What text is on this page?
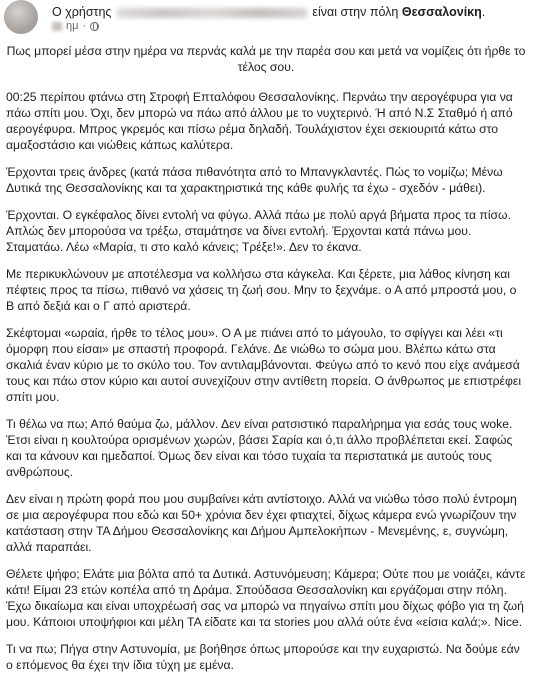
Ο χρήστης	είναι στην πόλη Θεσσαλονίκη.
ημ ·

Πως μπορεί μέσα στην ημέρα να περνάς καλά με την παρέα σου και μετά να νομίζεις ότι ήρθε το τέλος σου.

00:25 περίπου φτάνω στη Στροφή Επταλόφου Θεσσαλονίκης. Περνάω την αερογέφυρα για να πάω σπίτι μου. Όχι, δεν μπορώ να πάω από άλλου με το νυχτερινό. Ή από Ν.Σ Σταθμό ή από αερογέφυρα. Μπρος γκρεμός και πίσω ρέμα δηλαδή. Τουλάχιστον έχει σεκιουριτά κάτω στο αμαξοστάσιο και νιώθεις κάπως καλύτερα.

Έρχονται τρεις άνδρες (κατά πάσα πιθανότητα από το Μπανγκλαντές. Πώς το νομίζω; Μένω Δυτικά της Θεσσαλονίκης και τα χαρακτηριστικά της κάθε φυλής τα έχω - σχεδόν - μάθει).

Έρχονται. Ο εγκέφαλος δίνει εντολή να φύγω. Αλλά πάω με πολύ αργά βήματα προς τα πίσω. Απλώς δεν μπορούσα να τρέξω, σταμάτησε να δίνει εντολή. Έρχονται κατά πάνω μου. Σταματάω. Λέω «Μαρία, τι στο καλό κάνεις; Τρέξε!». Δεν το έκανα.

Με περικυκλώνουν με αποτέλεσμα να κολλήσω στα κάγκελα. Και ξέρετε, μια λάθος κίνηση και πέφτεις προς τα πίσω, πιθανό να χάσεις τη ζωή σου. Μην το ξεχνάμε. ο Α από μπροστά μου, ο Β από δεξιά και ο Γ από αριστερά.

Σκέφτομαι «ωραία, ήρθε το τέλος μου». Ο Α με πιάνει από το μάγουλο, το σφίγγει και λέει «τι όμορφη που είσαι» με σπαστή προφορά. Γελάνε. Δε νιώθω το σώμα μου. Βλέπω κάτω στα σκαλιά έναν κύριο με το σκύλο του. Τον αντιλαμβάνονται. Φεύγω από το κενό που είχε ανάμεσά τους και πάω στον κύριο και αυτοί συνεχίζουν στην αντίθετη πορεία. Ο άνθρωπος με επιστρέφει σπίτι μου.

Τι θέλω να πω; Από θαύμα ζω, μάλλον. Δεν είναι ρατσιστικό παραλήρημα για εσάς τους woke. Έτσι είναι η κουλτούρα ορισμένων χωρών, βάσει Σαρία και ό,τι άλλο προβλέπεται εκεί. Σαφώς και τα κάνουν και ημεδαποί. Όμως δεν είναι και τόσο τυχαία τα περιστατικά με αυτούς τους ανθρώπους.

Δεν είναι η πρώτη φορά που μου συμβαίνει κάτι αντίστοιχο. Αλλά να νιώθω τόσο πολύ έντρομη σε μια αερογέφυρα που εδώ και 50+ χρόνια δεν έχει φτιαχτεί, δίχως κάμερα ενώ γνωρίζουν την κατάσταση στην ΤΑ Δήμου Θεσσαλονίκης και Δήμου Αμπελοκήπων - Μενεμένης, ε, συγνώμη, αλλά παραπάει.

Θέλετε ψήφο; Ελάτε μια βόλτα από τα Δυτικά. Αστυνόμευση; Κάμερα; Ούτε που με νοιάζει, κάντε κάτι! Είμαι 23 ετών κοπέλα από τη Δράμα. Σπούδασα Θεσσαλονίκη και εργάζομαι στην πόλη. Έχω δικαίωμα και είναι υποχρέωσή σας να μπορώ να πηγαίνω σπίτι μου δίχως φόβο για τη ζωή μου. Κάποιοι υποψήφιοι και μέλη ΤΑ είδατε και τα stories μου αλλά ούτε ένα «είσια καλά;». Nice.

Τι να πω; Πήγα στην Αστυνομία, με βοήθησε όπως μπορούσε και την ευχαριστώ. Να δούμε εάν ο επόμενος θα έχει την ίδια τύχη με εμένα.
